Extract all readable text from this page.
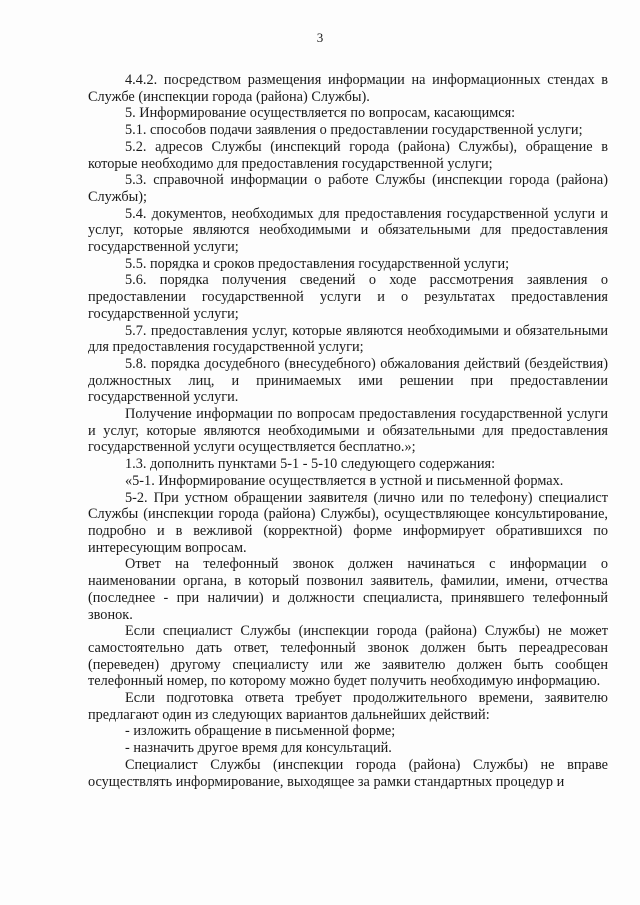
3

4.4.2. посредством размещения информации на информационных стендах в Службе (инспекции города (района) Службы).

5. Информирование осуществляется по вопросам, касающимся:

5.1. способов подачи заявления о предоставлении государственной услуги;

5.2. адресов Службы (инспекций города (района) Службы), обращение в которые необходимо для предоставления государственной услуги;

5.3. справочной информации о работе Службы (инспекции города (района) Службы);

5.4. документов, необходимых для предоставления государственной услуги и услуг, которые являются необходимыми и обязательными для предоставления государственной услуги;

5.5. порядка и сроков предоставления государственной услуги;

5.6. порядка получения сведений о ходе рассмотрения заявления о предоставлении государственной услуги и о результатах предоставления государственной услуги;

5.7. предоставления услуг, которые являются необходимыми и обязательными для предоставления государственной услуги;

5.8. порядка досудебного (внесудебного) обжалования действий (бездействия) должностных лиц, и принимаемых ими решении при предоставлении государственной услуги.

Получение информации по вопросам предоставления государственной услуги и услуг, которые являются необходимыми и обязательными для предоставления государственной услуги осуществляется бесплатно.»;

1.3. дополнить пунктами 5-1 - 5-10 следующего содержания:

«5-1. Информирование осуществляется в устной и письменной формах.

5-2. При устном обращении заявителя (лично или по телефону) специалист Службы (инспекции города (района) Службы), осуществляющее консультирование, подробно и в вежливой (корректной) форме информирует обратившихся по интересующим вопросам.

Ответ на телефонный звонок должен начинаться с информации о наименовании органа, в который позвонил заявитель, фамилии, имени, отчества (последнее - при наличии) и должности специалиста, принявшего телефонный звонок.

Если специалист Службы (инспекции города (района) Службы) не может самостоятельно дать ответ, телефонный звонок должен быть переадресован (переведен) другому специалисту или же заявителю должен быть сообщен телефонный номер, по которому можно будет получить необходимую информацию.

Если подготовка ответа требует продолжительного времени, заявителю предлагают один из следующих вариантов дальнейших действий:

- изложить обращение в письменной форме;

- назначить другое время для консультаций.

Специалист Службы (инспекции города (района) Службы) не вправе осуществлять информирование, выходящее за рамки стандартных процедур и
